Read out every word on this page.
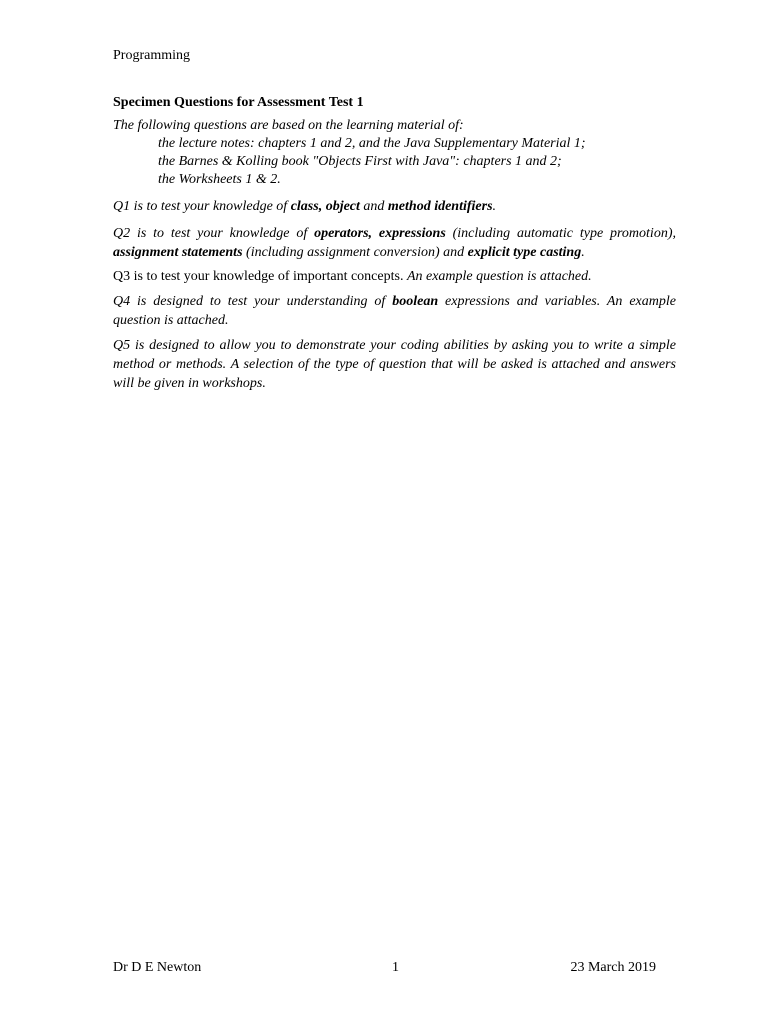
Programming
Specimen Questions for Assessment Test 1
The following questions are based on the learning material of:
the lecture notes: chapters 1 and 2, and the Java Supplementary Material 1;
the Barnes & Kolling book "Objects First with Java": chapters 1 and 2;
the Worksheets 1 & 2.
Q1 is to test your knowledge of class, object and method identifiers.
Q2 is to test your knowledge of operators, expressions (including automatic type promotion), assignment statements (including assignment conversion) and explicit type casting.
Q3 is to test your knowledge of important concepts. An example question is attached.
Q4 is designed to test your understanding of boolean expressions and variables. An example question is attached.
Q5 is designed to allow you to demonstrate your coding abilities by asking you to write a simple method or methods. A selection of the type of question that will be asked is attached and answers will be given in workshops.
Dr D E Newton	1	23 March 2019
